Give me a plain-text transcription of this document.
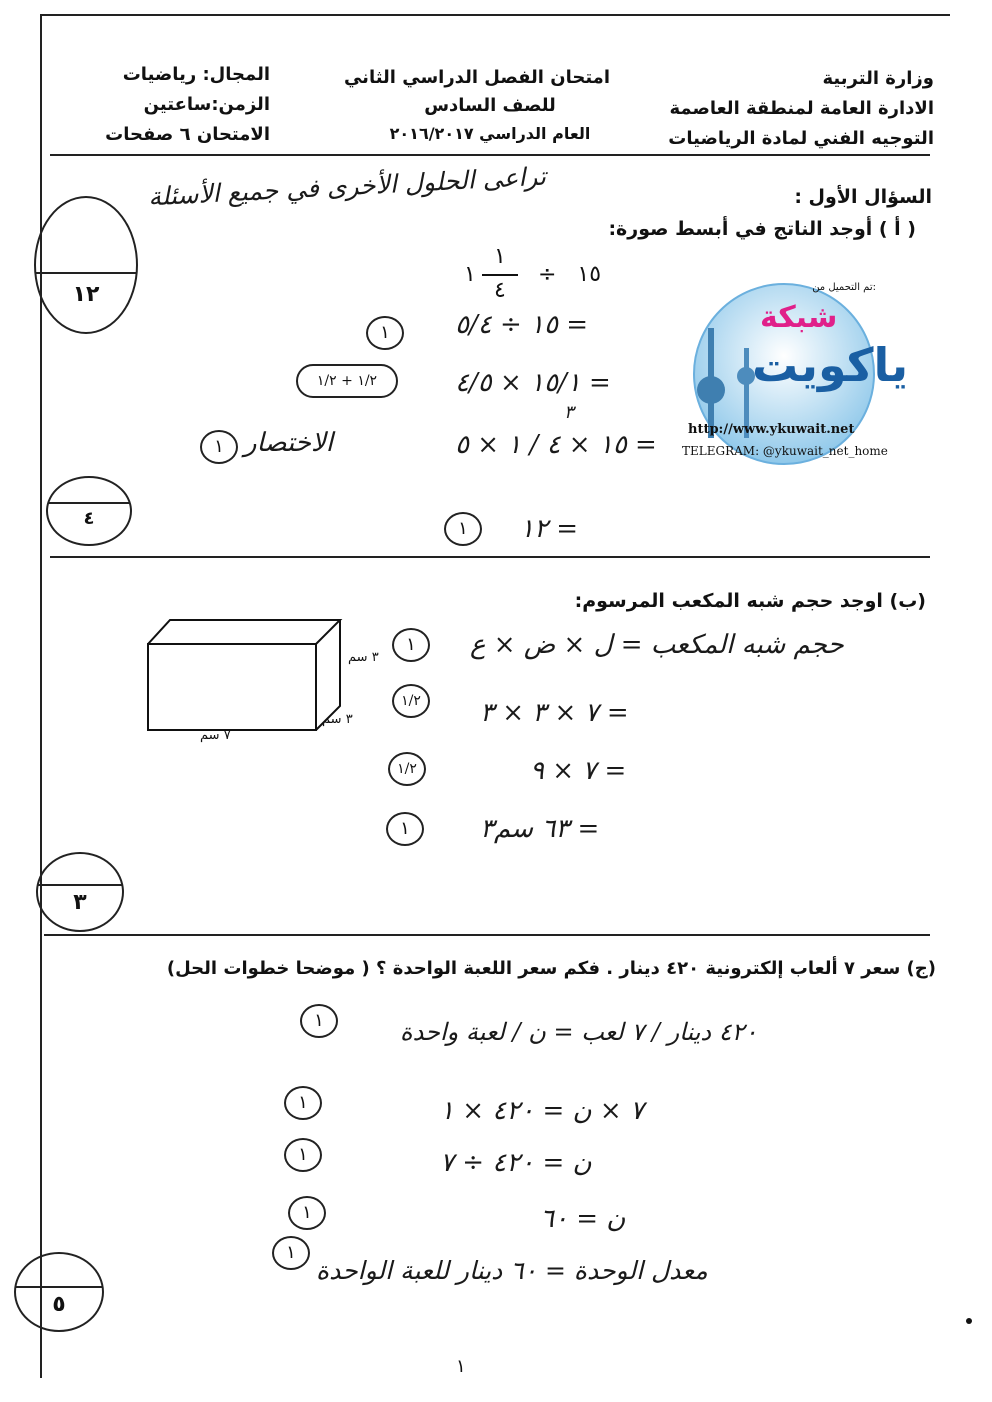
وزارة التربية
الادارة العامة لمنطقة العاصمة
التوجيه الفني لمادة الرياضيات
امتحان الفصل الدراسي الثاني
للصف السادس
العام الدراسي ٢٠١٦/٢٠١٧
المجال: رياضيات
الزمن:ساعتين
الامتحان ٦ صفحات
تراعى الحلول الأخرى في جميع الأسئلة	السؤال الأول :
( أ ) أوجد الناتج في أبسط صورة:
١٢
٤
١
١
٤
١٥   ÷
= ١٥ ÷ ٥/٤
= ١٥/١ × ٤/٥
٣
= ١٥ × ٤ / ١ × ٥
= ١٢
الاختصار
١
١/٢ + ١/٢
١
١
تم التحميل من:
شبكة
ياكويت
http://www.ykuwait.net
TELEGRAM: @ykuwait_net_home
(ب) اوجد حجم شبه المكعب المرسوم:
٣ سم
٣ سم
٧ سم
حجم شبه المكعب = ل × ض × ع
= ٧ × ٣ × ٣
= ٧ × ٩
= ٦٣ سم٣
١
١/٢
١/٢
١
٣
(ج) سعر ٧ ألعاب إلكترونية ٤٢٠ دينار . فكم سعر اللعبة الواحدة ؟ ( موضحا خطوات الحل)
٤٢٠ دينار / ٧ لعب = ن / لعبة واحدة
٧ × ن = ٤٢٠ × ١
ن = ٤٢٠ ÷ ٧
ن = ٦٠
معدل الوحدة = ٦٠ دينار للعبة الواحدة
١
١
١
١
١
٥
١
